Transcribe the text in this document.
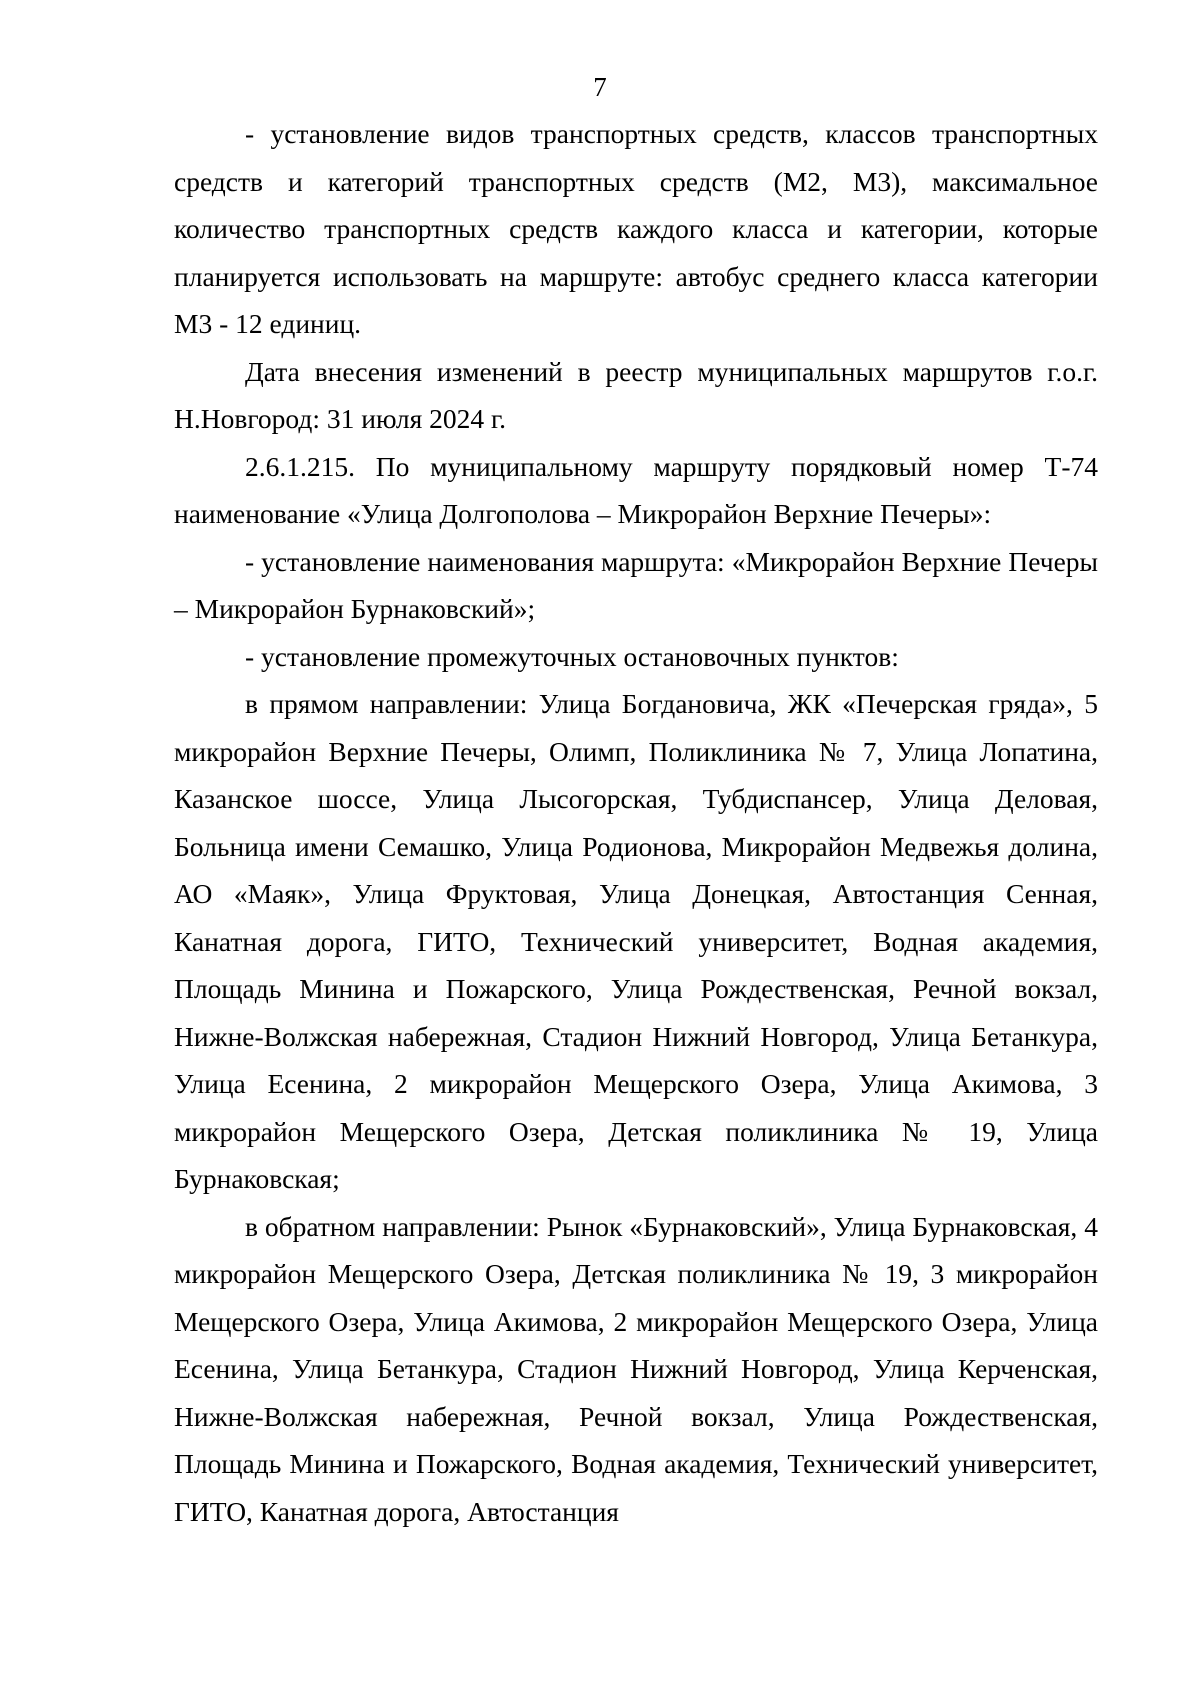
7

- установление видов транспортных средств, классов транспортных средств и категорий транспортных средств (М2, М3), максимальное количество транспортных средств каждого класса и категории, которые планируется использовать на маршруте: автобус среднего класса категории М3 - 12 единиц.

Дата внесения изменений в реестр муниципальных маршрутов г.о.г. Н.Новгород: 31 июля 2024 г.

2.6.1.215. По муниципальному маршруту порядковый номер Т-74 наименование «Улица Долгополова – Микрорайон Верхние Печеры»:

- установление наименования маршрута: «Микрорайон Верхние Печеры – Микрорайон Бурнаковский»;

- установление промежуточных остановочных пунктов:

в прямом направлении: Улица Богдановича, ЖК «Печерская гряда», 5 микрорайон Верхние Печеры, Олимп, Поликлиника № 7, Улица Лопатина, Казанское шоссе, Улица Лысогорская, Тубдиспансер, Улица Деловая, Больница имени Семашко, Улица Родионова, Микрорайон Медвежья долина, АО «Маяк», Улица Фруктовая, Улица Донецкая, Автостанция Сенная, Канатная дорога, ГИТО, Технический университет, Водная академия, Площадь Минина и Пожарского, Улица Рождественская, Речной вокзал, Нижне-Волжская набережная, Стадион Нижний Новгород, Улица Бетанкура, Улица Есенина, 2 микрорайон Мещерского Озера, Улица Акимова, 3 микрорайон Мещерского Озера, Детская поликлиника № 19, Улица Бурнаковская;

в обратном направлении: Рынок «Бурнаковский», Улица Бурнаковская, 4 микрорайон Мещерского Озера, Детская поликлиника № 19, 3 микрорайон Мещерского Озера, Улица Акимова, 2 микрорайон Мещерского Озера, Улица Есенина, Улица Бетанкура, Стадион Нижний Новгород, Улица Керченская, Нижне-Волжская набережная, Речной вокзал, Улица Рождественская, Площадь Минина и Пожарского, Водная академия, Технический университет, ГИТО, Канатная дорога, Автостанция
